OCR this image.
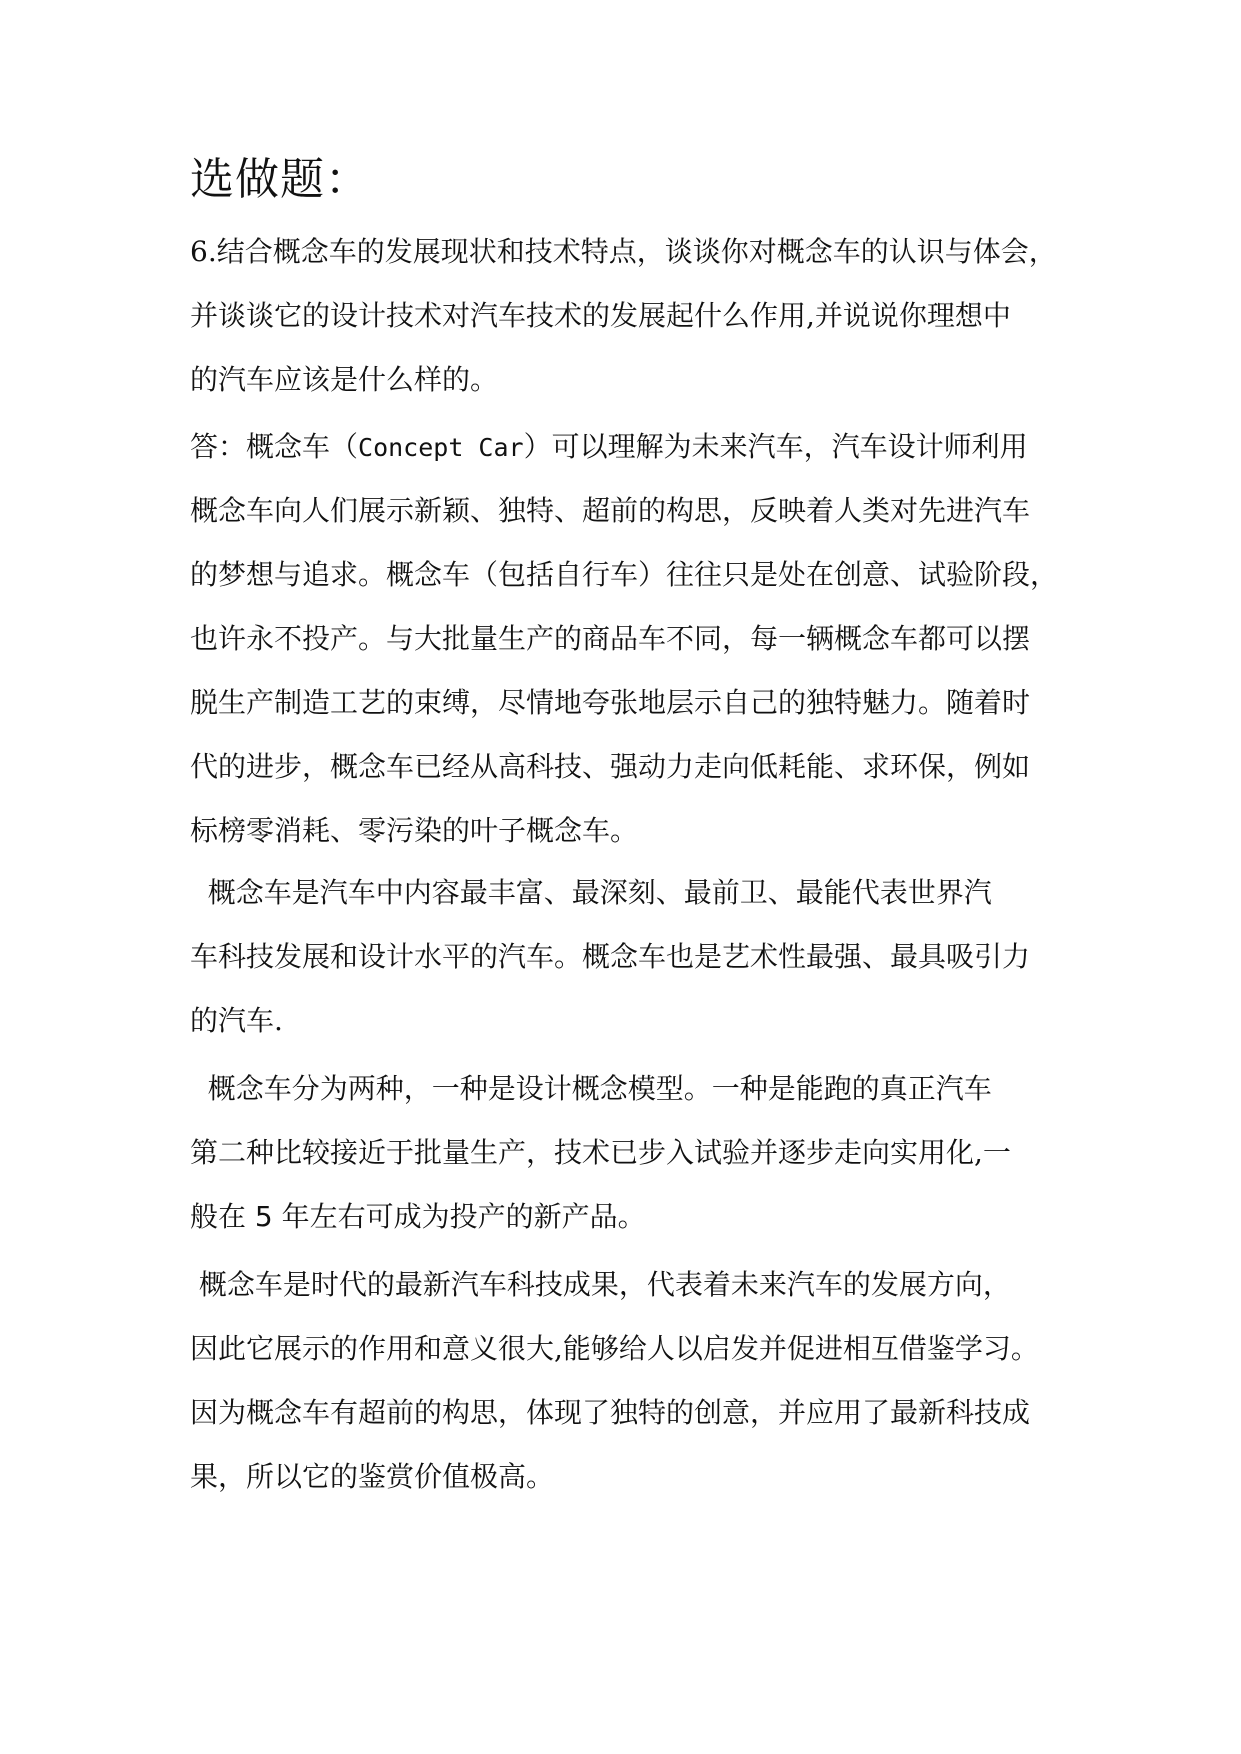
选做题：
6.结合概念车的发展现状和技术特点，谈谈你对概念车的认识与体会，
并谈谈它的设计技术对汽车技术的发展起什么作用,并说说你理想中
的汽车应该是什么样的。
答：概念车（Concept Car）可以理解为未来汽车，汽车设计师利用
概念车向人们展示新颖、独特、超前的构思，反映着人类对先进汽车
的梦想与追求。概念车（包括自行车）往往只是处在创意、试验阶段，
也许永不投产。与大批量生产的商品车不同，每一辆概念车都可以摆
脱生产制造工艺的束缚，尽情地夸张地层示自己的独特魅力。随着时
代的进步，概念车已经从高科技、强动力走向低耗能、求环保，例如
标榜零消耗、零污染的叶子概念车。
概念车是汽车中内容最丰富、最深刻、最前卫、最能代表世界汽
车科技发展和设计水平的汽车。概念车也是艺术性最强、最具吸引力
的汽车.
概念车分为两种，一种是设计概念模型。一种是能跑的真正汽车
第二种比较接近于批量生产，技术已步入试验并逐步走向实用化,一
般在 5 年左右可成为投产的新产品。
概念车是时代的最新汽车科技成果，代表着未来汽车的发展方向，
因此它展示的作用和意义很大,能够给人以启发并促进相互借鉴学习。
因为概念车有超前的构思，体现了独特的创意，并应用了最新科技成
果，所以它的鉴赏价值极高。
